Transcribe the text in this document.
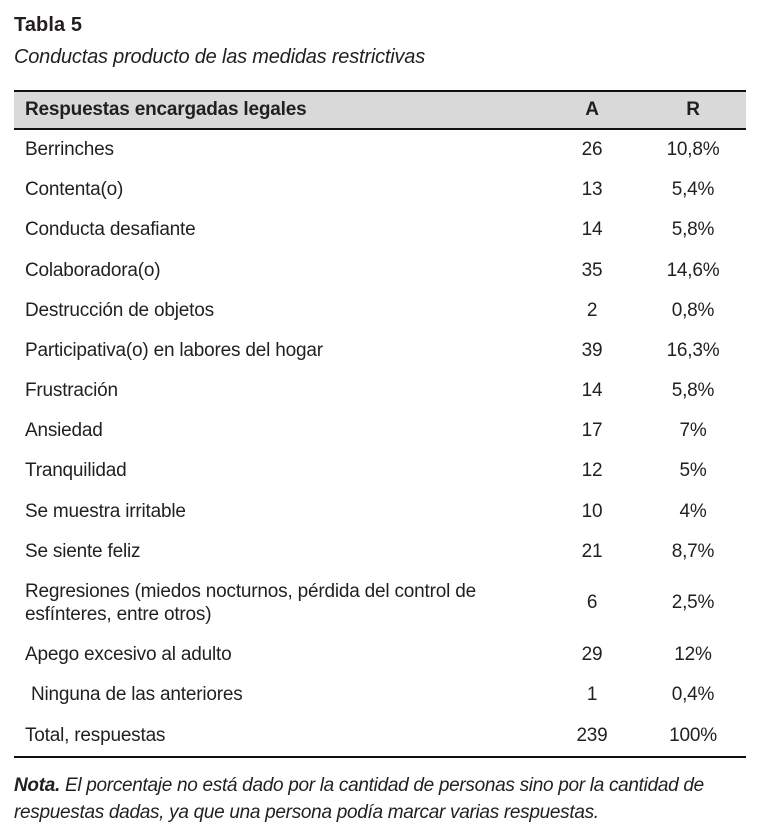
Tabla 5
Conductas producto de las medidas restrictivas
Respuestas encargadas legales	A	R
Berrinches	26	10,8%
Contenta(o)	13	5,4%
Conducta desafiante	14	5,8%
Colaboradora(o)	35	14,6%
Destrucción de objetos	2	0,8%
Participativa(o) en labores del hogar	39	16,3%
Frustración	14	5,8%
Ansiedad	17	7%
Tranquilidad	12	5%
Se muestra irritable	10	4%
Se siente feliz	21	8,7%
Regresiones (miedos nocturnos, pérdida del control de esfínteres, entre otros)	6	2,5%
Apego excesivo al adulto	29	12%
Ninguna de las anteriores	1	0,4%
Total, respuestas	239	100%

Nota. El porcentaje no está dado por la cantidad de personas sino por la cantidad de respuestas dadas, ya que una persona podía marcar varias respuestas.
